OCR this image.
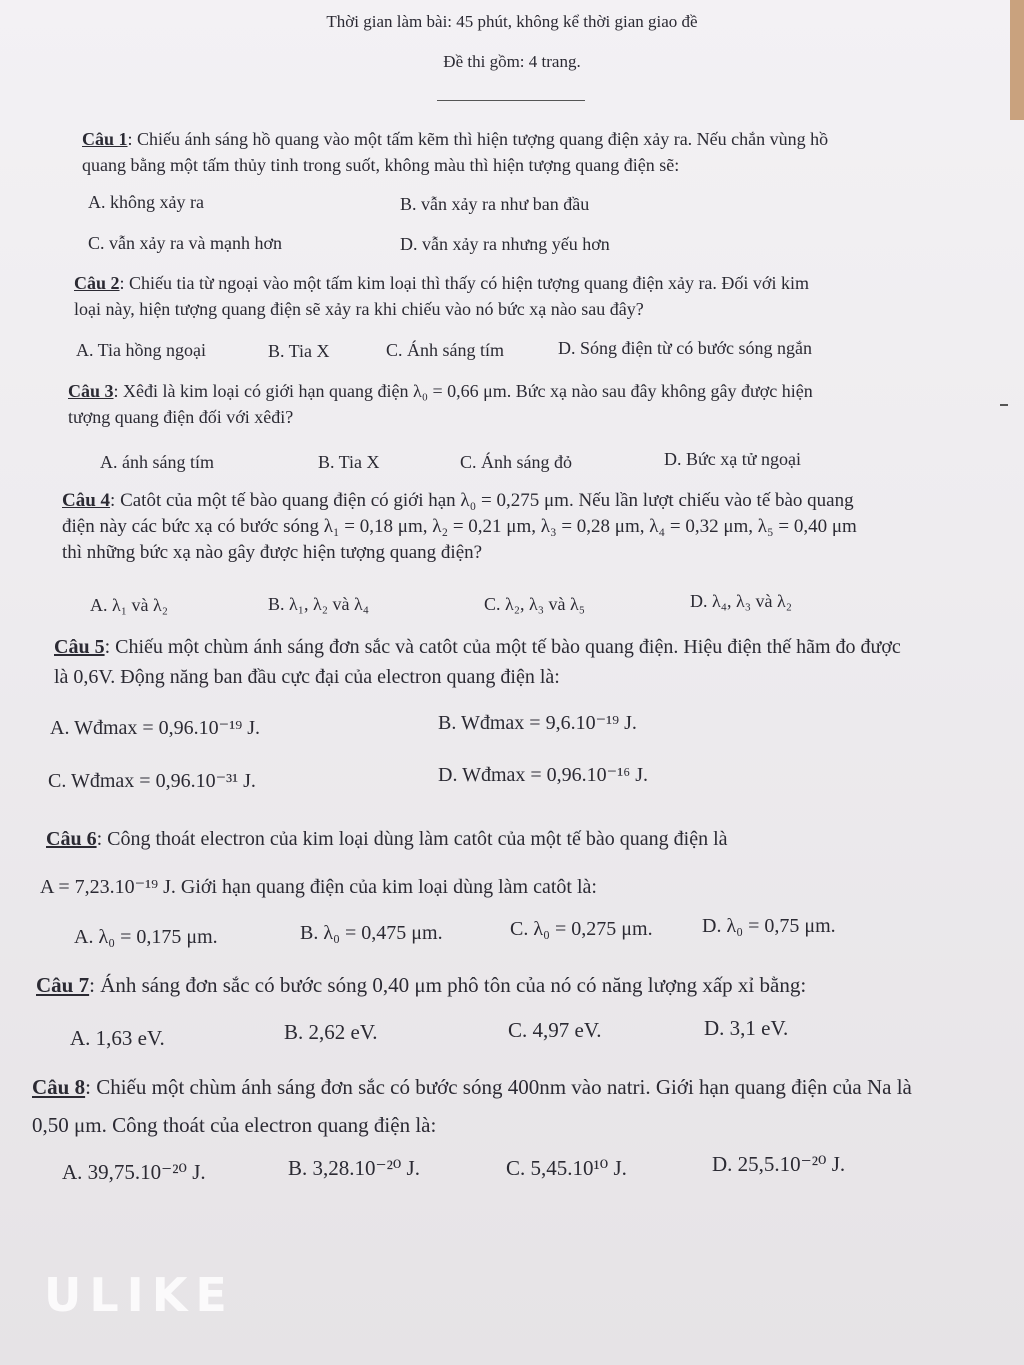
Thời gian làm bài: 45 phút, không kể thời gian giao đề
Đề thi gồm: 4 trang.
Câu 1: Chiếu ánh sáng hồ quang vào một tấm kẽm thì hiện tượng quang điện xảy ra. Nếu chắn vùng hồ
quang bằng một tấm thủy tinh trong suốt, không màu thì hiện tượng quang điện sẽ:
A. không xảy ra	B. vẫn xảy ra như ban đầu
C. vẫn xảy ra và mạnh hơn	D. vẫn xảy ra nhưng yếu hơn
Câu 2: Chiếu tia từ ngoại vào một tấm kim loại thì thấy có hiện tượng quang điện xảy ra. Đối với kim
loại này, hiện tượng quang điện sẽ xảy ra khi chiếu vào nó bức xạ nào sau đây?
A. Tia hồng ngoại	B. Tia X	C. Ánh sáng tím	D. Sóng điện từ có bước sóng ngắn
Câu 3: Xêđi là kim loại có giới hạn quang điện λ₀ = 0,66 μm. Bức xạ nào sau đây không gây được hiện
tượng quang điện đối với xêđi?
A. ánh sáng tím	B. Tia X	C. Ánh sáng đỏ	D. Bức xạ tử ngoại
Câu 4: Catôt của một tế bào quang điện có giới hạn λ₀ = 0,275 μm. Nếu lần lượt chiếu vào tế bào quang
điện này các bức xạ có bước sóng λ₁ = 0,18 μm, λ₂ = 0,21 μm, λ₃ = 0,28 μm, λ₄ = 0,32 μm, λ₅ = 0,40 μm
thì những bức xạ nào gây được hiện tượng quang điện?
A. λ₁ và λ₂	B. λ₁, λ₂ và λ₄	C. λ₂, λ₃ và λ₅	D. λ₄, λ₃ và λ₂
Câu 5: Chiếu một chùm ánh sáng đơn sắc và catôt của một tế bào quang điện. Hiệu điện thế hãm đo được
là 0,6V. Động năng ban đầu cực đại của electron quang điện là:
A. Wđmax = 0,96.10⁻¹⁹ J.	B. Wđmax = 9,6.10⁻¹⁹ J.
C. Wđmax = 0,96.10⁻³¹ J.	D. Wđmax = 0,96.10⁻¹⁶ J.
Câu 6: Công thoát electron của kim loại dùng làm catôt của một tế bào quang điện là
A = 7,23.10⁻¹⁹ J. Giới hạn quang điện của kim loại dùng làm catôt là:
A. λ₀ = 0,175 μm.	B. λ₀ = 0,475 μm.	C. λ₀ = 0,275 μm. D. λ₀ = 0,75 μm.
Câu 7: Ánh sáng đơn sắc có bước sóng 0,40 μm phô tôn của nó có năng lượng xấp xỉ bằng:
A. 1,63 eV.	B. 2,62 eV.	C. 4,97 eV.	D. 3,1 eV.
Câu 8: Chiếu một chùm ánh sáng đơn sắc có bước sóng 400nm vào natri. Giới hạn quang điện của Na là
0,50 μm. Công thoát của electron quang điện là:
A. 39,75.10⁻²⁰ J.	B. 3,28.10⁻²⁰ J.	C. 5,45.10¹⁰ J.	D. 25,5.10⁻²⁰ J.
ULIKE
